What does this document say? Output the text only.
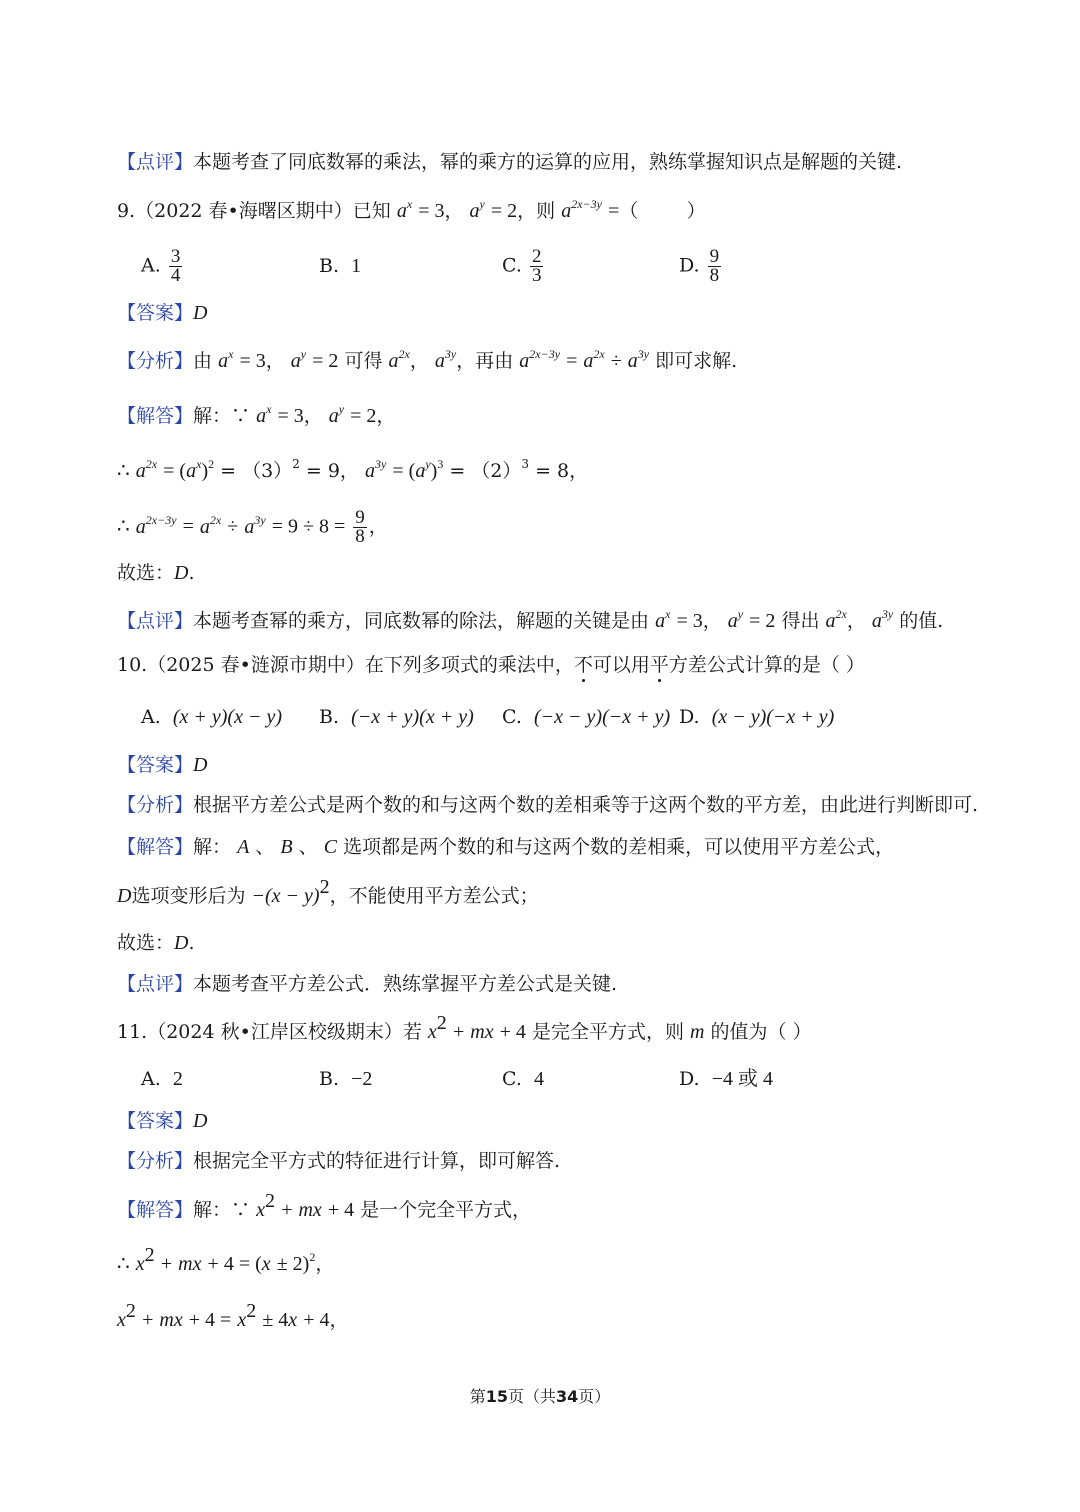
【点评】本题考查了同底数幂的乘法，幂的乘方的运算的应用，熟练掌握知识点是解题的关键.
9.（2022 春•海曙区期中）已知 $a^x = 3$， $a^y = 2$，则 $a^{2x-3y}$ =（        ）
A. $\frac{3}{4}$	B. 1	C. $\frac{2}{3}$	D. $\frac{9}{8}$
【答案】D
【分析】由 $a^x = 3$， $a^y = 2$ 可得 $a^{2x}$， $a^{3y}$，再由 $a^{2x-3y} = a^{2x} \div a^{3y}$ 即可求解.
【解答】解：∵ $a^x = 3$， $a^y = 2$，
∴ $a^{2x} = (a^x)^2 = (3)^2 = 9$， $a^{3y} = (a^y)^3 = (2)^3 = 8$，
∴ $a^{2x-3y} = a^{2x} \div a^{3y} = 9 \div 8 = \frac{9}{8}$ ，
故选：D.
【点评】本题考查幂的乘方，同底数幂的除法，解题的关键是由 $a^x = 3$， $a^y = 2$ 得出 $a^{2x}$， $a^{3y}$ 的值.
10.（2025 春•涟源市期中）在下列多项式的乘法中，不可以用平方差公式计算的是（ ）
A. (x + y)(x − y) B. (−x + y)(x + y) C. (−x − y)(−x + y) D. (x − y)(−x + y)
【答案】D
【分析】根据平方差公式是两个数的和与这两个数的差相乘等于这两个数的平方差，由此进行判断即可.
【解答】解： A 、 B 、 C 选项都是两个数的和与这两个数的差相乘，可以使用平方差公式，
D选项变形后为 $-(x - y)^2$，不能使用平方差公式；
故选：D.
【点评】本题考查平方差公式．熟练掌握平方差公式是关键.
11.（2024 秋•江岸区校级期末）若 $x^2$ + mx + 4 是完全平方式，则 m 的值为（ ）
A. 2	B. −2	C. 4	D. −4 或 4
【答案】D
【分析】根据完全平方式的特征进行计算，即可解答.
【解答】解：∵ $x^2$ + mx + 4 是一个完全平方式，
∴ $x^2$ + mx + $4 = (x \pm 2)^2$，
$x^2$ + mx + $4 = x^2 \pm 4x + 4$，
第15页（共34页）
